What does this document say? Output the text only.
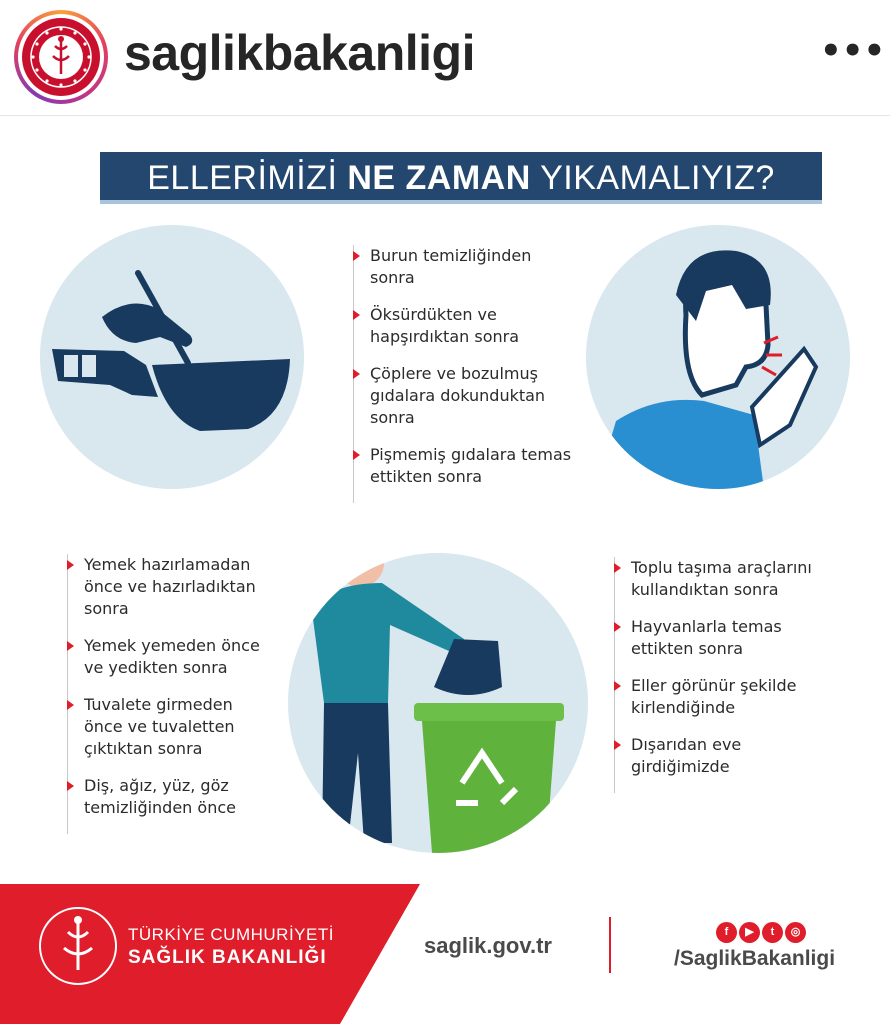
saglikbakanligi	•••
ELLERİMİZİ NE ZAMAN YIKAMALIYIZ?
Burun temizliğinden sonra
Öksürdükten ve hapşırdıktan sonra
Çöplere ve bozulmuş gıdalara dokunduktan sonra
Pişmemiş gıdalara temas ettikten sonra
Yemek hazırlamadan önce ve hazırladıktan sonra
Yemek yemeden önce ve yedikten sonra
Tuvalete girmeden önce ve tuvaletten çıktıktan sonra
Diş, ağız, yüz, göz temizliğinden önce
Toplu taşıma araçlarını kullandıktan sonra
Hayvanlarla temas ettikten sonra
Eller görünür şekilde kirlendiğinde
Dışarıdan eve girdiğimizde
TÜRKİYE CUMHURİYETİ
SAĞLIK BAKANLIĞI	saglik.gov.tr
f ▶ t ◎
/SaglikBakanligi
